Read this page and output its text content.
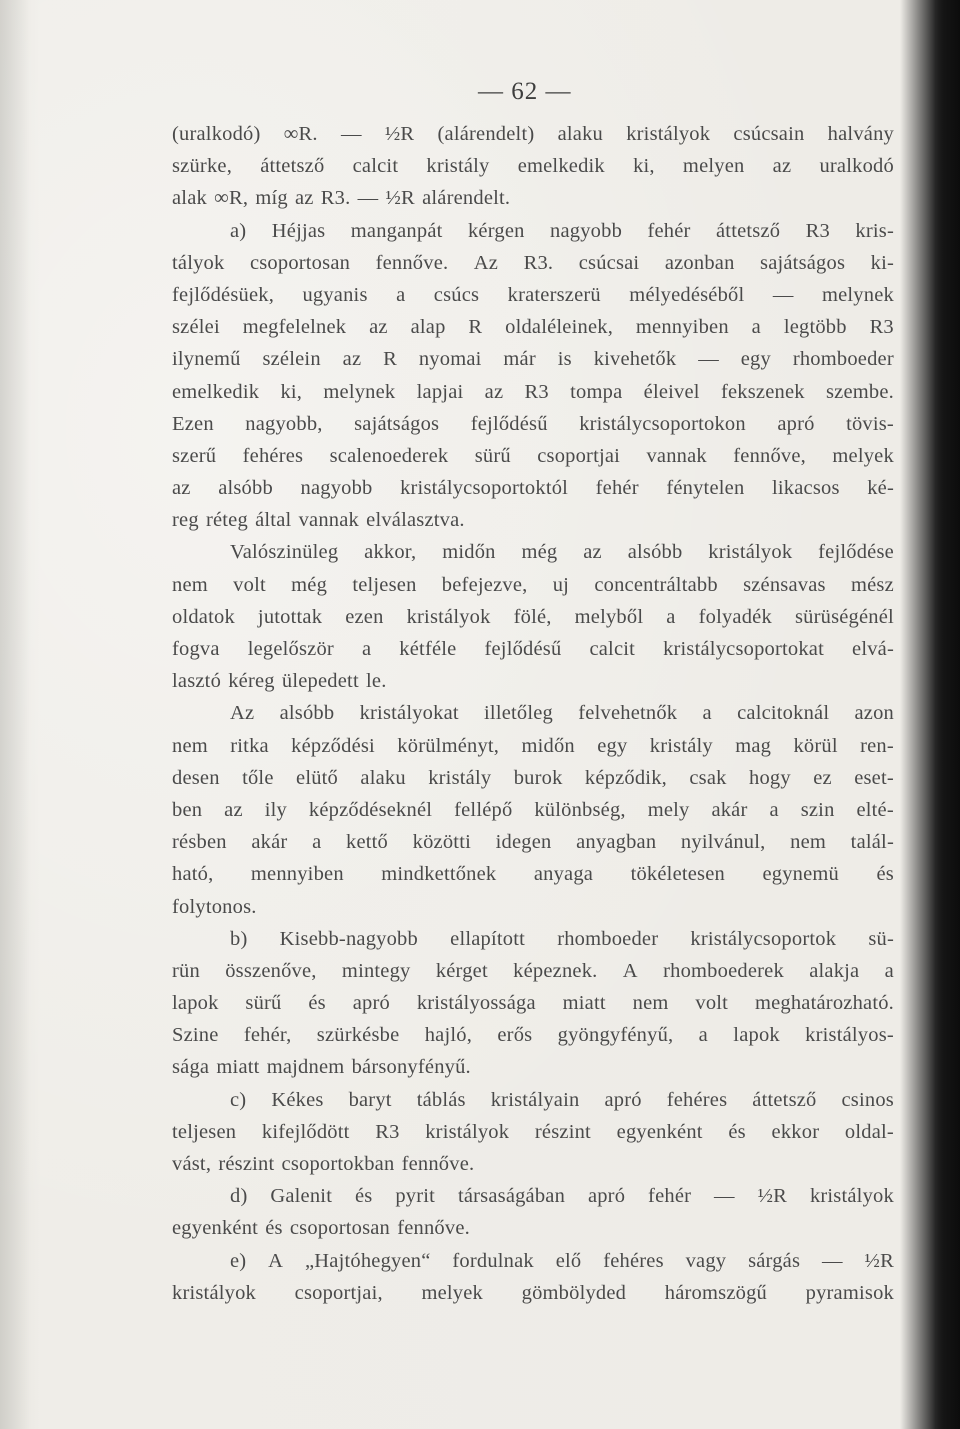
— 62 —
(uralkodó) ∞R. — ½R (alárendelt) alaku kristályok csúcsain halvány
szürke, áttetsző calcit kristály emelkedik ki, melyen az uralkodó
alak ∞R, míg az R3. — ½R alárendelt.
a) Héjjas manganpát kérgen nagyobb fehér áttetsző R3 kris-
tályok csoportosan fennőve. Az R3. csúcsai azonban sajátságos ki-
fejlődésüek, ugyanis a csúcs kraterszerü mélyedéséből — melynek
szélei megfelelnek az alap R oldaléleinek, mennyiben a legtöbb R3
ilynemű szélein az R nyomai már is kivehetők — egy rhomboeder
emelkedik ki, melynek lapjai az R3 tompa éleivel fekszenek szembe.
Ezen nagyobb, sajátságos fejlődésű kristálycsoportokon apró tövis-
szerű fehéres scalenoederek sürű csoportjai vannak fennőve, melyek
az alsóbb nagyobb kristálycsoportoktól fehér fénytelen likacsos ké-
reg réteg által vannak elválasztva.
Valószinüleg akkor, midőn még az alsóbb kristályok fejlődése
nem volt még teljesen befejezve, uj concentráltabb szénsavas mész
oldatok jutottak ezen kristályok fölé, melyből a folyadék sürüségénél
fogva legelőször a kétféle fejlődésű calcit kristálycsoportokat elvá-
lasztó kéreg ülepedett le.
Az alsóbb kristályokat illetőleg felvehetnők a calcitoknál azon
nem ritka képződési körülményt, midőn egy kristály mag körül ren-
desen tőle elütő alaku kristály burok képződik, csak hogy ez eset-
ben az ily képződéseknél fellépő különbség, mely akár a szin elté-
résben akár a kettő közötti idegen anyagban nyilvánul, nem talál-
ható, mennyiben mindkettőnek anyaga tökéletesen egynemü és
folytonos.
b) Kisebb-nagyobb ellapított rhomboeder kristálycsoportok sü-
rün összenőve, mintegy kérget képeznek. A rhomboederek alakja a
lapok sürű és apró kristályossága miatt nem volt meghatározható.
Szine fehér, szürkésbe hajló, erős gyöngyfényű, a lapok kristályos-
sága miatt majdnem bársonyfényű.
c) Kékes baryt táblás kristályain apró fehéres áttetsző csinos
teljesen kifejlődött R3 kristályok részint egyenként és ekkor oldal-
vást, részint csoportokban fennőve.
d) Galenit és pyrit társaságában apró fehér — ½R kristályok
egyenként és csoportosan fennőve.
e) A „Hajtóhegyen“ fordulnak elő fehéres vagy sárgás — ½R
kristályok csoportjai, melyek gömbölyded háromszögű pyramisok
